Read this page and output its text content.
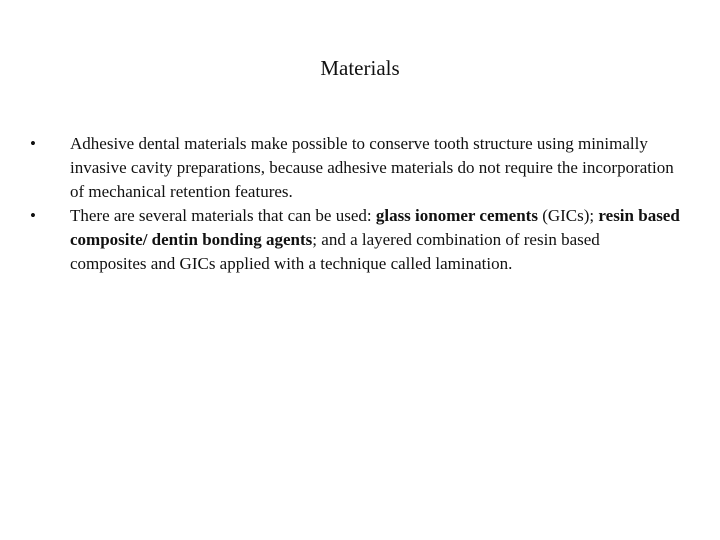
Materials
•	Adhesive dental materials make possible to conserve tooth structure using minimally invasive cavity preparations, because adhesive materials do not require the incorporation of mechanical retention features.
•	There are several materials that can be used: glass ionomer cements (GICs); resin based composite/ dentin bonding agents; and a layered combination of resin based composites and GICs applied with a technique called lamination.
